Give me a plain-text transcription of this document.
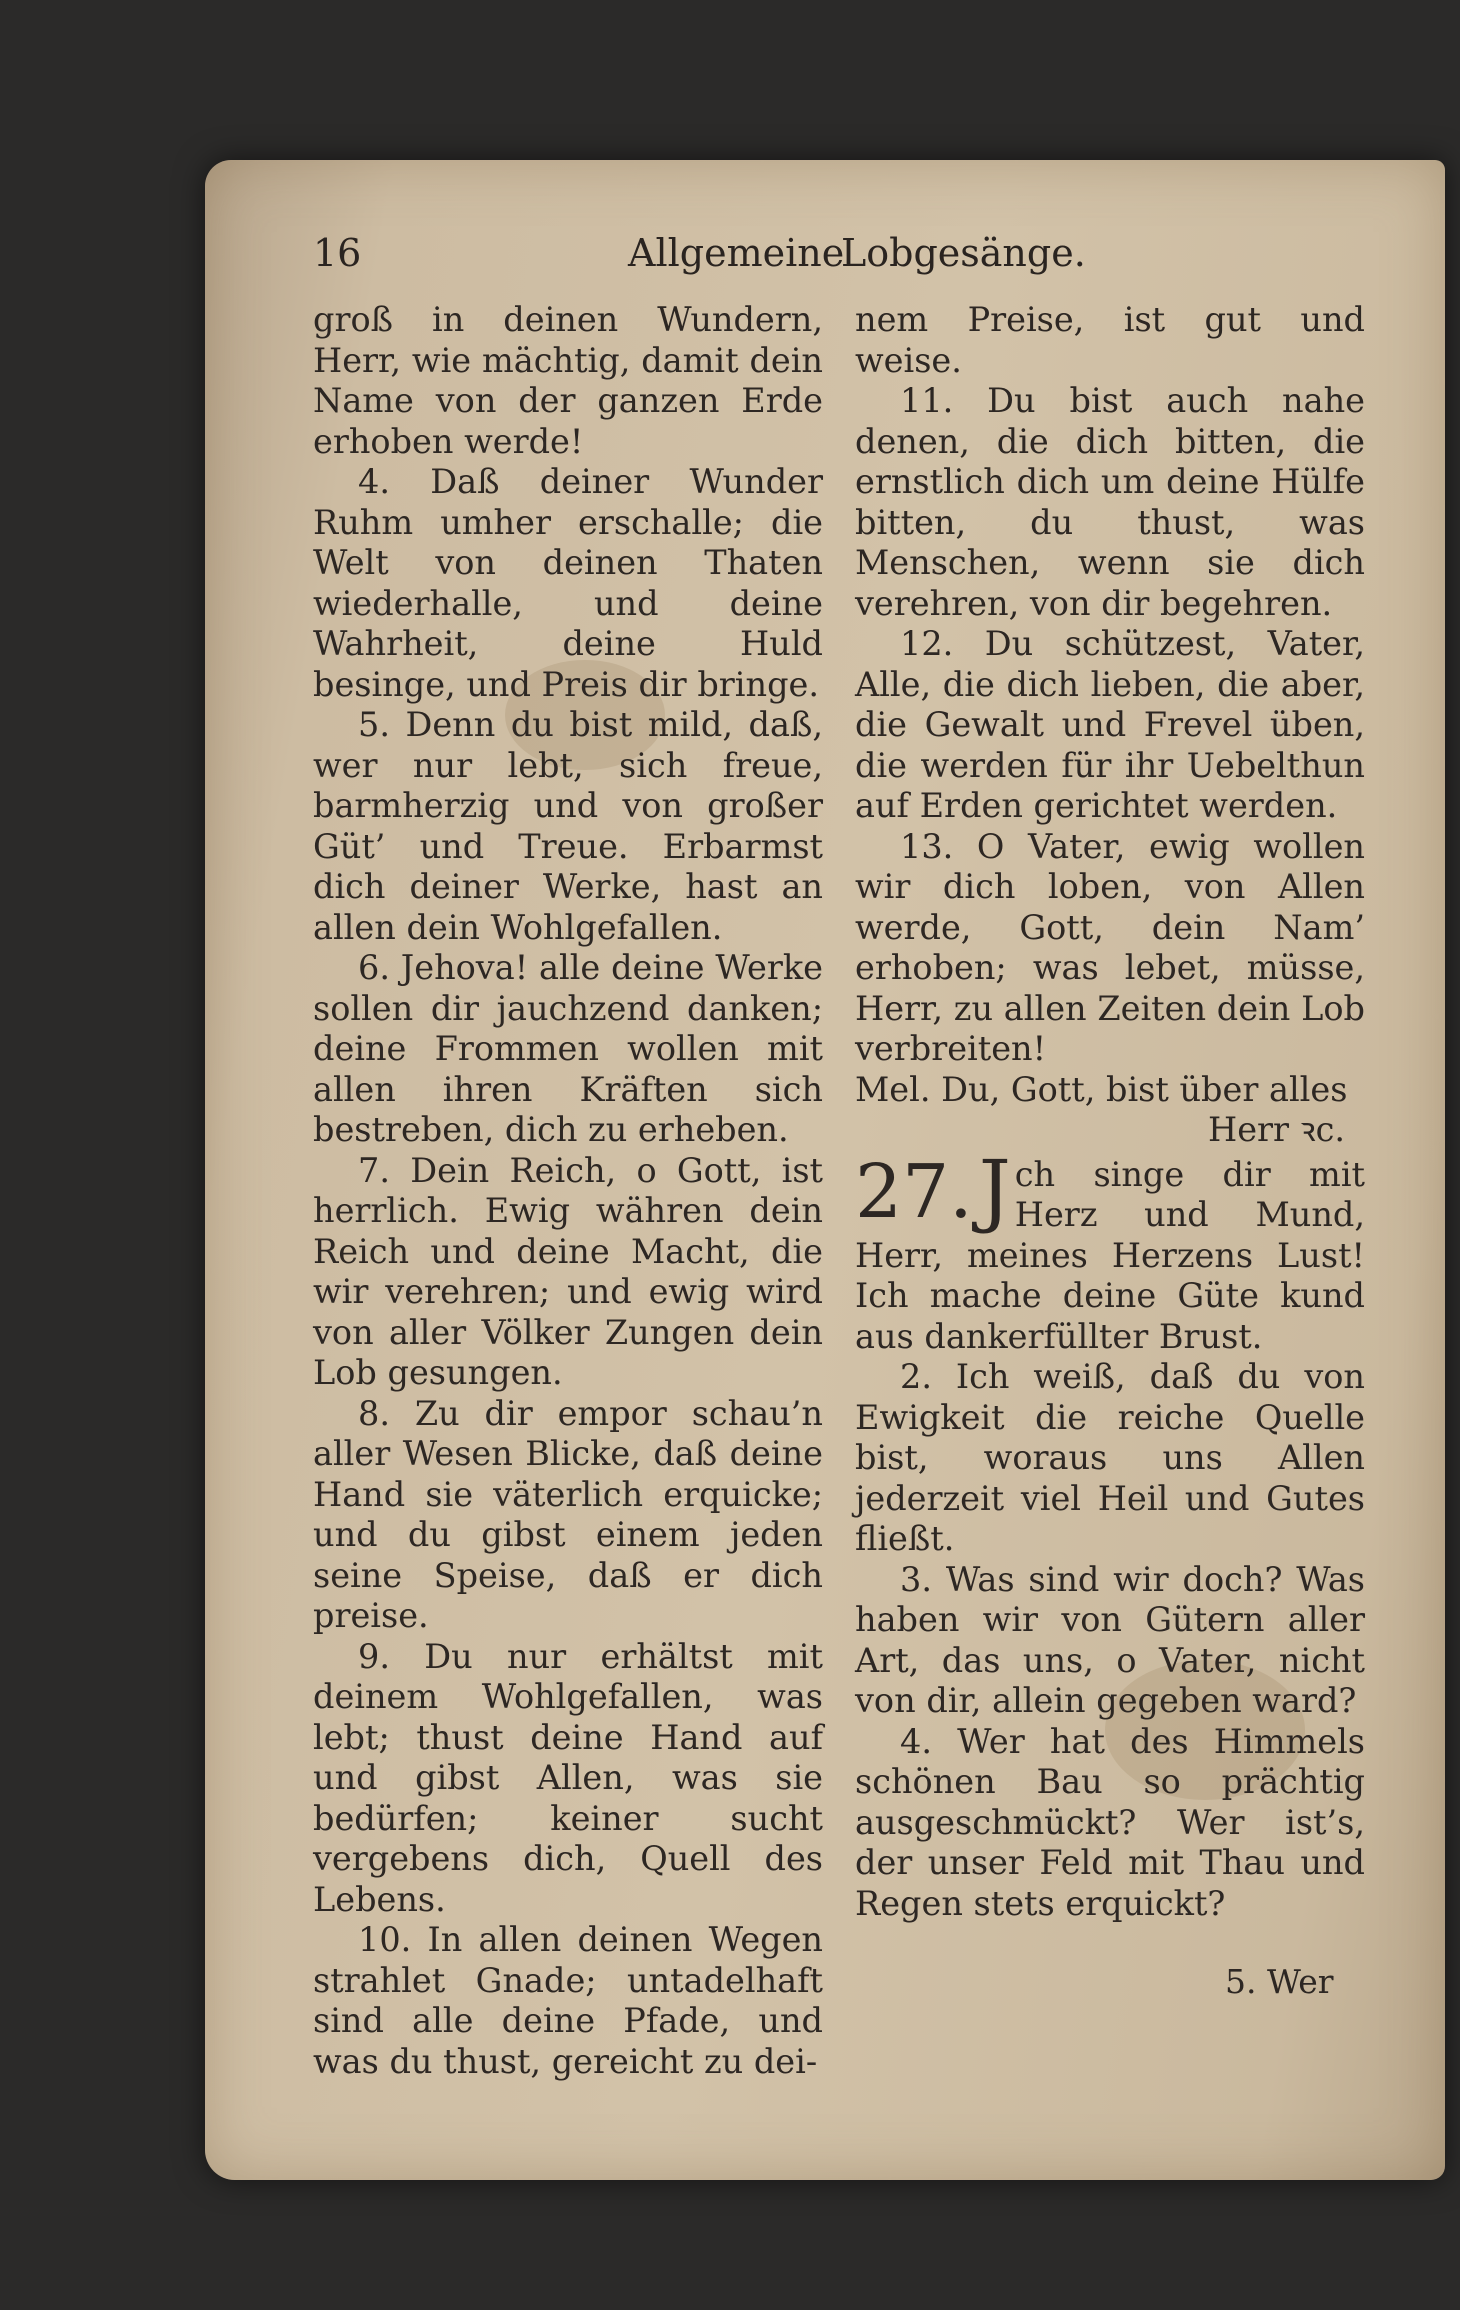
16	Allgemeine
Lobgesänge.

groß in deinen Wundern, Herr, wie mächtig, damit dein Name von der ganzen Erde erhoben werde!

4. Daß deiner Wunder Ruhm umher erschalle; die Welt von deinen Thaten wiederhalle, und deine Wahrheit, deine Huld besinge, und Preis dir bringe.

5. Denn du bist mild, daß, wer nur lebt, sich freue, barmherzig und von großer Güt’ und Treue. Erbarmst dich deiner Werke, hast an allen dein Wohlgefallen.

6. Jehova! alle deine Werke sollen dir jauchzend danken; deine Frommen wollen mit allen ihren Kräften sich bestreben, dich zu erheben.

7. Dein Reich, o Gott, ist herrlich. Ewig währen dein Reich und deine Macht, die wir verehren; und ewig wird von aller Völker Zungen dein Lob gesungen.

8. Zu dir empor schau’n aller Wesen Blicke, daß deine Hand sie väterlich erquicke; und du gibst einem jeden seine Speise, daß er dich preise.

9. Du nur erhältst mit deinem Wohlgefallen, was lebt; thust deine Hand auf und gibst Allen, was sie bedürfen; keiner sucht vergebens dich, Quell des Lebens.

10. In allen deinen Wegen strahlet Gnade; untadelhaft sind alle deine Pfade, und was du thust, gereicht zu dei-

nem Preise, ist gut und weise.

11. Du bist auch nahe denen, die dich bitten, die ernstlich dich um deine Hülfe bitten, du thust, was Menschen, wenn sie dich verehren, von dir begehren.

12. Du schützest, Vater, Alle, die dich lieben, die aber, die Gewalt und Frevel üben, die werden für ihr Uebelthun auf Erden gerichtet werden.

13. O Vater, ewig wollen wir dich loben, von Allen werde, Gott, dein Nam’ erhoben; was lebet, müsse, Herr, zu allen Zeiten dein Lob verbreiten!

Mel. Du, Gott, bist über alles
Herr ꝛc.

27. J ch singe dir mit Herz und Mund, Herr, meines Herzens Lust! Ich mache deine Güte kund aus dankerfüllter Brust.

2. Ich weiß, daß du von Ewigkeit die reiche Quelle bist, woraus uns Allen jederzeit viel Heil und Gutes fließt.

3. Was sind wir doch? Was haben wir von Gütern aller Art, das uns, o Vater, nicht von dir, allein gegeben ward?

4. Wer hat des Himmels schönen Bau so prächtig ausgeschmückt? Wer ist’s, der unser Feld mit Thau und Regen stets erquickt?

5. Wer
